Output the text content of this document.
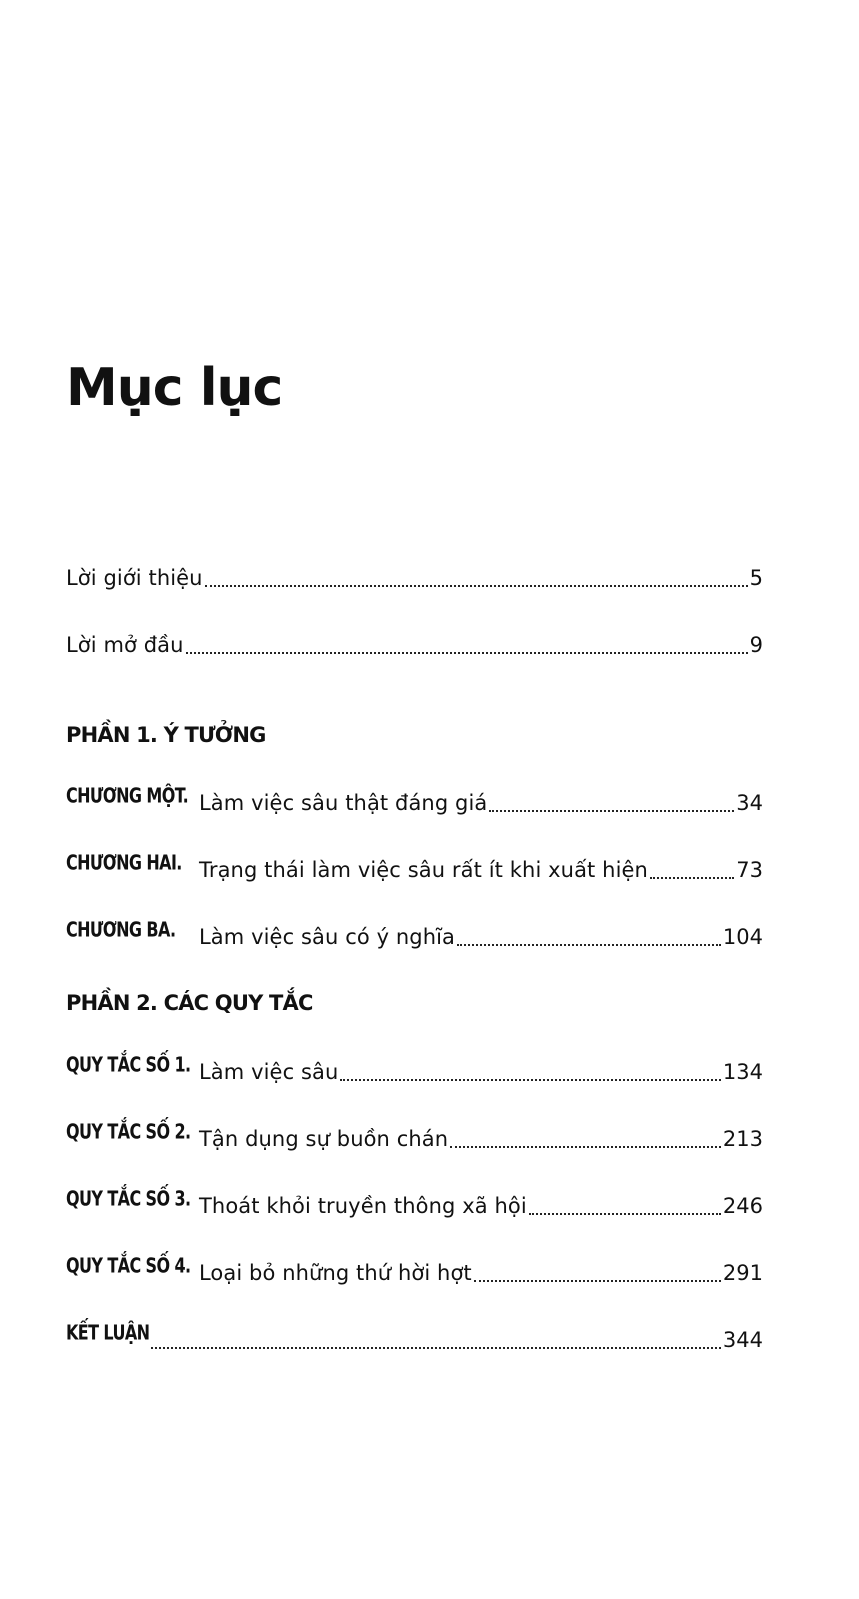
Mục lục
Lời giới thiệu	5
Lời mở đầu	9
PHẦN 1. Ý TƯỞNG
CHƯƠNG MỘT. Làm việc sâu thật đáng giá	34
CHƯƠNG HAI. Trạng thái làm việc sâu rất ít khi xuất hiện	73
CHƯƠNG BA.	Làm việc sâu có ý nghĩa	104
PHẦN 2. CÁC QUY TẮC
QUY TẮC SỐ 1. Làm việc sâu	134
QUY TẮC SỐ 2. Tận dụng sự buồn chán	213
QUY TẮC SỐ 3. Thoát khỏi truyền thông xã hội	246
QUY TẮC SỐ 4. Loại bỏ những thứ hời hợt	291
KẾT LUẬN	344
